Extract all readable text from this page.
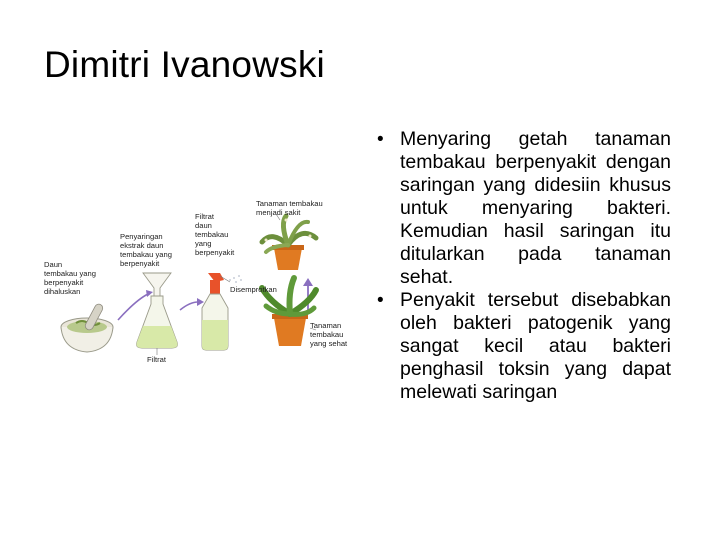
Dimitri Ivanowski
Daun
tembakau yang
berpenyakit
dihaluskan
Penyaringan
ekstrak daun
tembakau yang
berpenyakit
Filtrat
daun
tembakau
yang
berpenyakit
Tanaman tembakau
menjadi sakit
Disemprotkan
Tanaman
tembakau
yang sehat
Filtrat
• Menyaring getah tanaman tembakau berpenyakit dengan saringan yang didesiin khusus untuk menyaring bakteri. Kemudian hasil saringan itu ditularkan pada tanaman sehat.
• Penyakit tersebut disebabkan oleh bakteri patogenik yang sangat kecil atau bakteri penghasil toksin yang dapat melewati saringan
